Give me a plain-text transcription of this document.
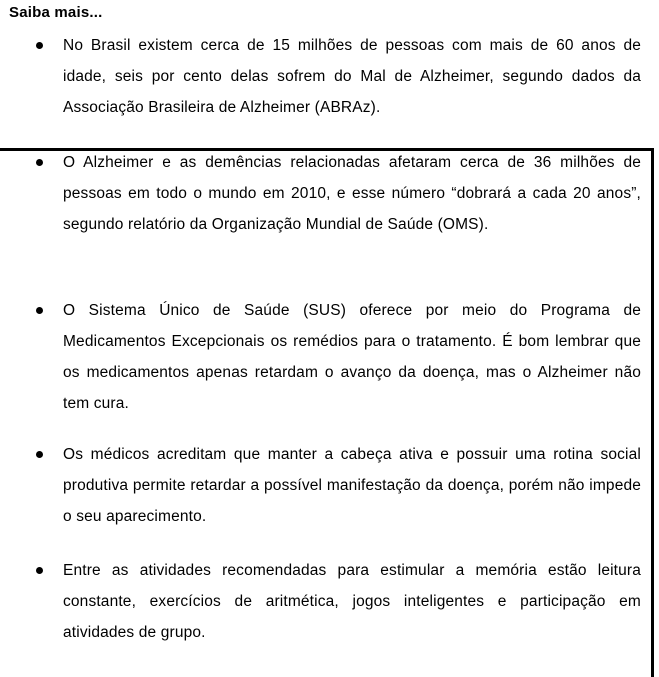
Saiba mais...

No Brasil existem cerca de 15 milhões de pessoas com mais de 60 anos de idade, seis por cento delas sofrem do Mal de Alzheimer, segundo dados da Associação Brasileira de Alzheimer (ABRAz).

O Alzheimer e as demências relacionadas afetaram cerca de 36 milhões de pessoas em todo o mundo em 2010, e esse número “dobrará a cada 20 anos”, segundo relatório da Organização Mundial de Saúde (OMS).

O Sistema Único de Saúde (SUS) oferece por meio do Programa de Medicamentos Excepcionais os remédios para o tratamento. É bom lembrar que os medicamentos apenas retardam o avanço da doença, mas o Alzheimer não tem cura.

Os médicos acreditam que manter a cabeça ativa e possuir uma rotina social produtiva permite retardar a possível manifestação da doença, porém não impede o seu aparecimento.

Entre as atividades recomendadas para estimular a memória estão leitura constante, exercícios de aritmética, jogos inteligentes e participação em atividades de grupo.
